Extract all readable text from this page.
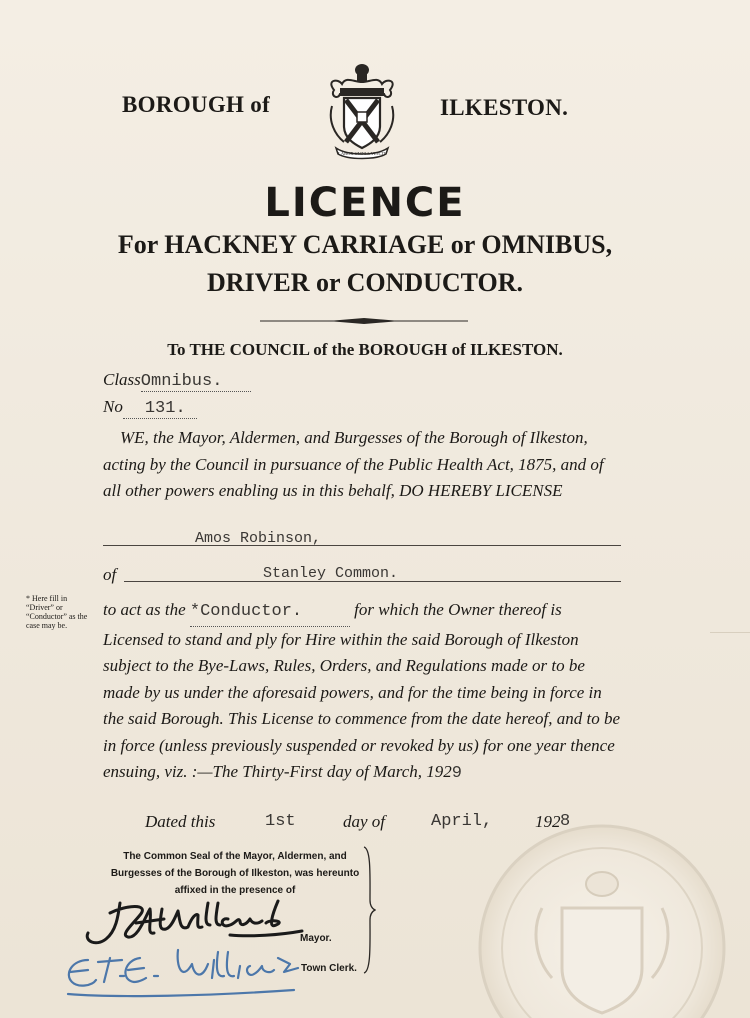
BOROUGH of
LABOR OMNIA VINCIT
ILKESTON.
LICENCE
For HACKNEY CARRIAGE or OMNIBUS,
DRIVER or CONDUCTOR.
To THE COUNCIL of the BOROUGH of ILKESTON.
ClassOmnibus.
No 131.
WE, the Mayor, Aldermen, and Burgesses of the Borough of Ilkeston, acting by the Council in pursuance of the Public Health Act, 1875, and of all other powers enabling us in this behalf, DO HEREBY LICENSE
Amos Robinson,
of	Stanley Common.
* Here fill in “Driver” or “Conductor” as the case may be.
to act as the *Conductor.	for which the Owner thereof is Licensed to stand and ply for Hire within the said Borough of Ilkeston subject to the Bye-Laws, Rules, Orders, and Regulations made or to be made by us under the aforesaid powers, and for the time being in force in the said Borough. This License to commence from the date hereof, and to be in force (unless previously suspended or revoked by us) for one year thence ensuing, viz. :—The Thirty-First day of March, 1929
Dated this	1st	day of	April,	192 8
The Common Seal of the Mayor, Aldermen, and Burgesses of the Borough of Ilkeston, was hereunto affixed in the presence of
Mayor.
Town Clerk.
